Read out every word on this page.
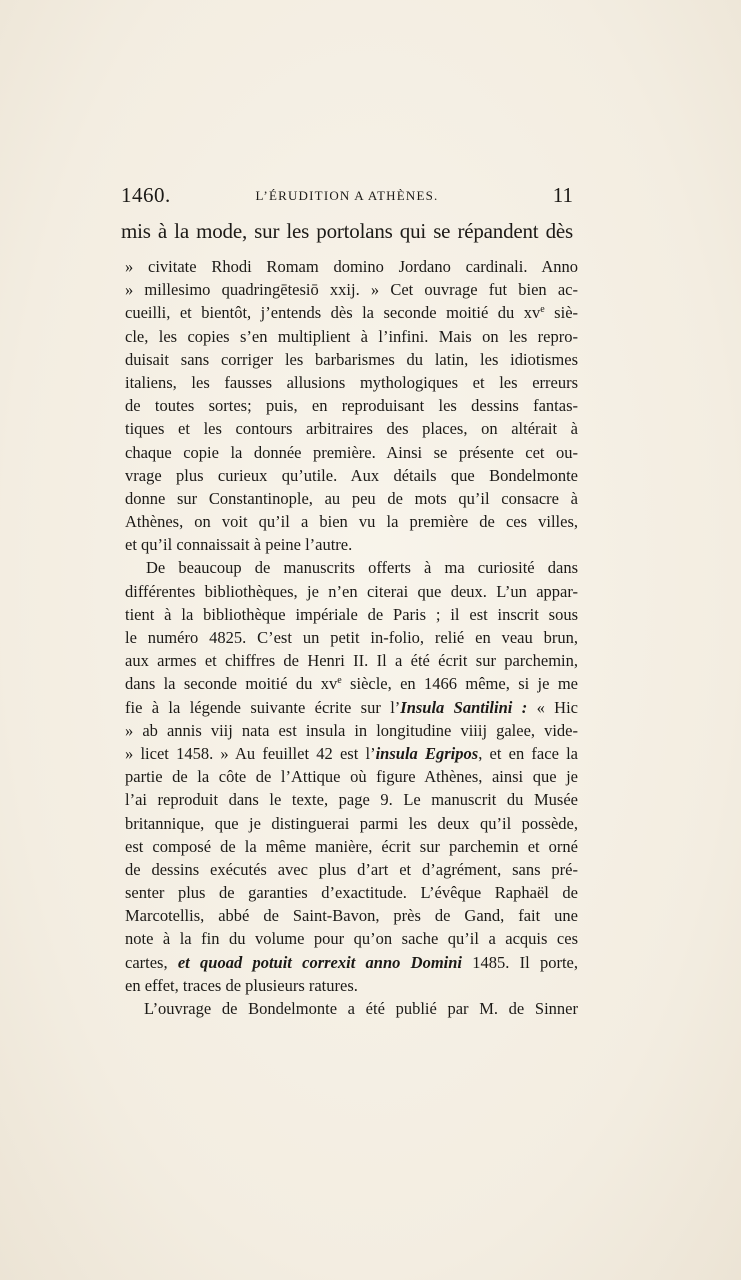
1460.	L’ÉRUDITION A ATHÈNES.	11
mis à la mode, sur les portolans qui se répandent dès
» civitate Rhodi Romam domino Jordano cardinali. Anno
» millesimo quadringētesiō xxij. » Cet ouvrage fut bien ac-
cueilli, et bientôt, j’entends dès la seconde moitié du $xv^e$ siè-
cle, les copies s’en multiplient à l’infini. Mais on les repro-
duisait sans corriger les barbarismes du latin, les idiotismes
italiens, les fausses allusions mythologiques et les erreurs
de toutes sortes; puis, en reproduisant les dessins fantas-
tiques et les contours arbitraires des places, on altérait à
chaque copie la donnée première. Ainsi se présente cet ou-
vrage plus curieux qu’utile. Aux détails que Bondelmonte
donne sur Constantinople, au peu de mots qu’il consacre à
Athènes, on voit qu’il a bien vu la première de ces villes,
et qu’il connaissait à peine l’autre.
De beaucoup de manuscrits offerts à ma curiosité dans
différentes bibliothèques, je n’en citerai que deux. L’un appar-
tient à la bibliothèque impériale de Paris ; il est inscrit sous
le numéro 4825. C’est un petit in-folio, relié en veau brun,
aux armes et chiffres de Henri II. Il a été écrit sur parchemin,
dans la seconde moitié du $xv^e$ siècle, en 1466 même, si je me
fie à la légende suivante écrite sur l’Insula Santilini : « Hic
» ab annis viij nata est insula in longitudine viiij galee, vide-
» licet 1458. » Au feuillet 42 est l’insula Egripos, et en face la
partie de la côte de l’Attique où figure Athènes, ainsi que je
l’ai reproduit dans le texte, page 9. Le manuscrit du Musée
britannique, que je distinguerai parmi les deux qu’il possède,
est composé de la même manière, écrit sur parchemin et orné
de dessins exécutés avec plus d’art et d’agrément, sans pré-
senter plus de garanties d’exactitude. L’évêque Raphaël de
Marcotellis, abbé de Saint-Bavon, près de Gand, fait une
note à la fin du volume pour qu’on sache qu’il a acquis ces
cartes, et quoad potuit correxit anno Domini 1485. Il porte,
en effet, traces de plusieurs ratures.
L’ouvrage de Bondelmonte a été publié par M. de Sinner
